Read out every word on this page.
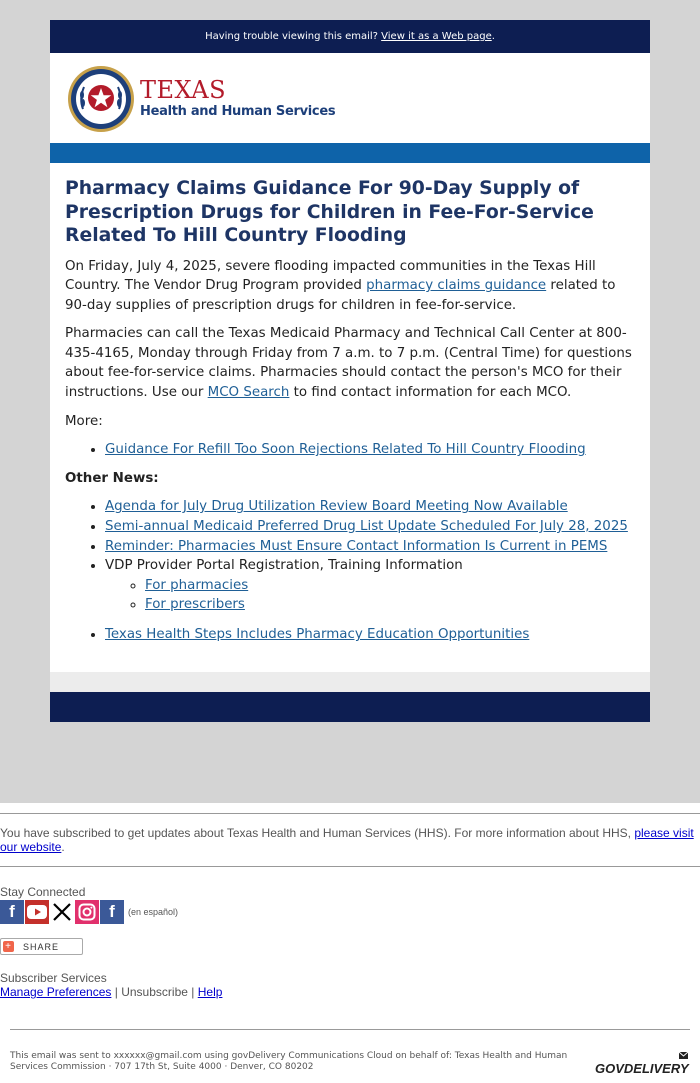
Having trouble viewing this email? View it as a Web page.
TEXAS
Health and Human Services
Pharmacy Claims Guidance For 90-Day Supply of Prescription Drugs for Children in Fee-For-Service Related To Hill Country Flooding

On Friday, July 4, 2025, severe flooding impacted communities in the Texas Hill Country. The Vendor Drug Program provided pharmacy claims guidance related to 90-day supplies of prescription drugs for children in fee-for-service.

Pharmacies can call the Texas Medicaid Pharmacy and Technical Call Center at 800-435-4165, Monday through Friday from 7 a.m. to 7 p.m. (Central Time) for questions about fee-for-service claims. Pharmacies should contact the person's MCO for their instructions. Use our MCO Search to find contact information for each MCO.

More:

• Guidance For Refill Too Soon Rejections Related To Hill Country Flooding

Other News:

• Agenda for July Drug Utilization Review Board Meeting Now Available
• Semi-annual Medicaid Preferred Drug List Update Scheduled For July 28, 2025
• Reminder: Pharmacies Must Ensure Contact Information Is Current in PEMS
• VDP Provider Portal Registration, Training Information
◦ For pharmacies
◦ For prescribers
• Texas Health Steps Includes Pharmacy Education Opportunities
You have subscribed to get updates about Texas Health and Human Services (HHS). For more information about HHS, please visit our website.
Stay Connected
f	f	(en español)
+ SHARE
Subscriber Services
Manage Preferences | Unsubscribe | Help
This email was sent to xxxxxx@gmail.com using govDelivery Communications Cloud on behalf of: Texas Health and Human Services Commission · 707 17th St, Suite 4000 · Denver, CO 80202	GOVDELIVERY
